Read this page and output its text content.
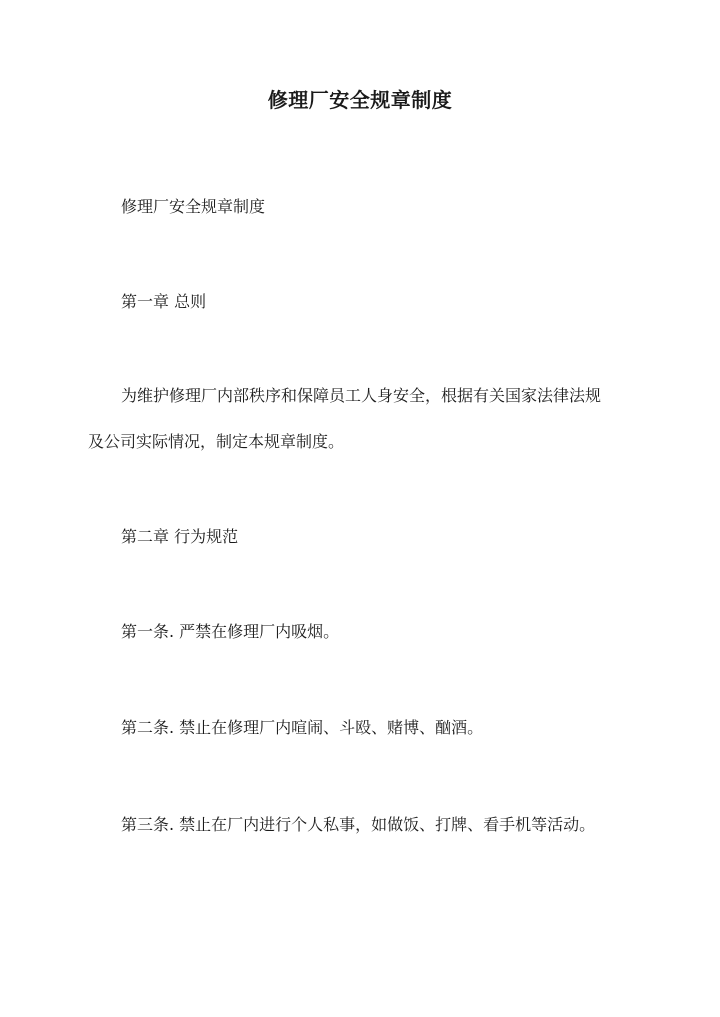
修理厂安全规章制度
修理厂安全规章制度
第一章 总则
为维护修理厂内部秩序和保障员工人身安全，根据有关国家法律法规
及公司实际情况，制定本规章制度。
第二章 行为规范
第一条. 严禁在修理厂内吸烟。
第二条. 禁止在修理厂内喧闹、斗殴、赌博、酗酒。
第三条. 禁止在厂内进行个人私事，如做饭、打牌、看手机等活动。
